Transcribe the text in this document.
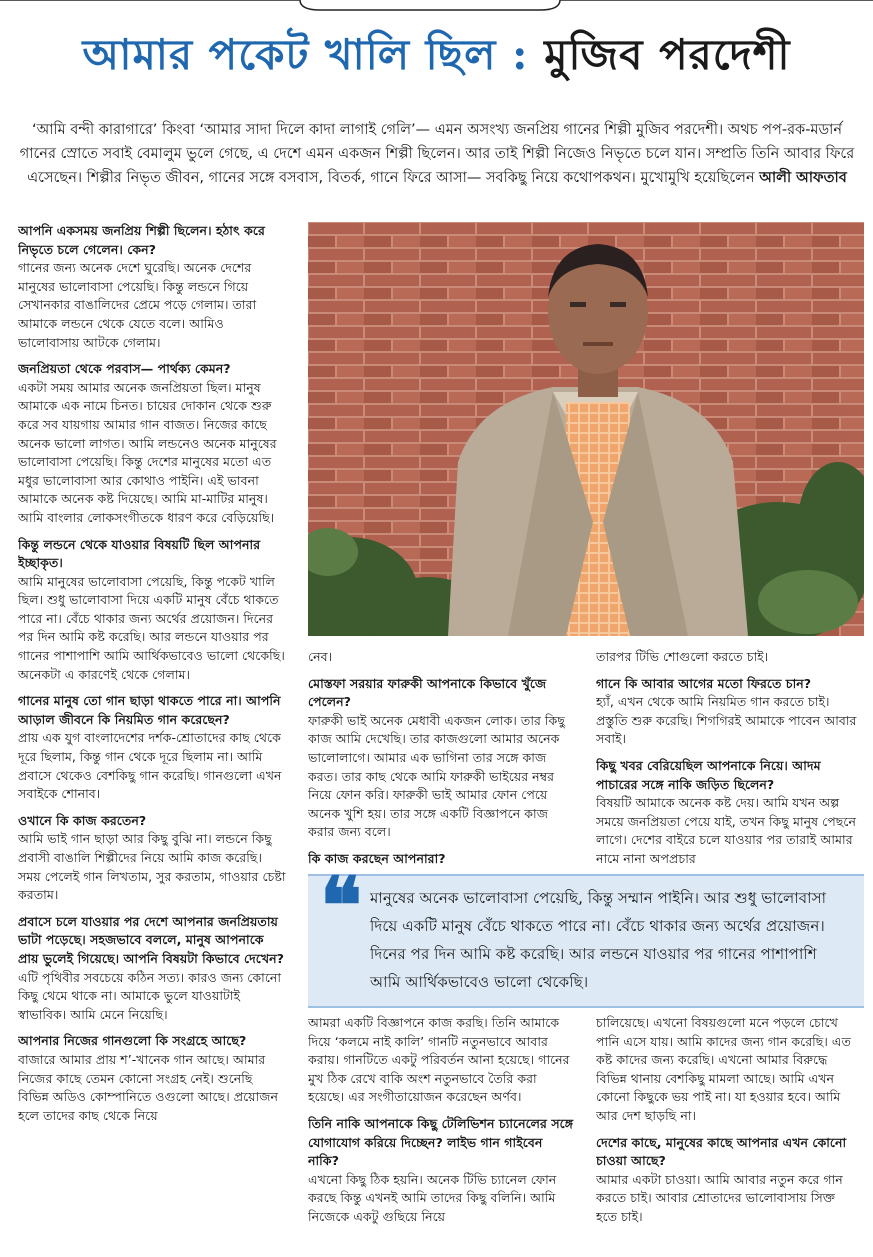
আমার পকেট খালি ছিল : মুজিব পরদেশী

‘আমি বন্দী কারাগারে’ কিংবা ‘আমার সাদা দিলে কাদা লাগাই গেলি’— এমন অসংখ্য জনপ্রিয় গানের শিল্পী মুজিব পরদেশী। অথচ পপ-রক-মডার্ন গানের স্রোতে সবাই বেমালুম ভুলে গেছে, এ দেশে এমন একজন শিল্পী ছিলেন। আর তাই শিল্পী নিজেও নিভৃতে চলে যান। সম্প্রতি তিনি আবার ফিরে এসেছেন। শিল্পীর নিভৃত জীবন, গানের সঙ্গে বসবাস, বিতর্ক, গানে ফিরে আসা— সবকিছু নিয়ে কথোপকথন। মুখোমুখি হয়েছিলেন আলী আফতাব

আপনি একসময় জনপ্রিয় শিল্পী ছিলেন। হঠাৎ করে নিভৃতে চলে গেলেন। কেন?
গানের জন্য অনেক দেশে ঘুরেছি। অনেক দেশের মানুষের ভালোবাসা পেয়েছি। কিন্তু লন্ডনে গিয়ে সেখানকার বাঙালিদের প্রেমে পড়ে গেলাম। তারা আমাকে লন্ডনে থেকে যেতে বলে। আমিও ভালোবাসায় আটকে গেলাম।

জনপ্রিয়তা থেকে পরবাস— পার্থক্য কেমন?
একটা সময় আমার অনেক জনপ্রিয়তা ছিল। মানুষ আমাকে এক নামে চিনত। চায়ের দোকান থেকে শুরু করে সব যায়গায় আমার গান বাজত। নিজের কাছে অনেক ভালো লাগত। আমি লন্ডনেও অনেক মানুষের ভালোবাসা পেয়েছি। কিন্তু দেশের মানুষের মতো এত মধুর ভালোবাসা আর কোথাও পাইনি। এই ভাবনা আমাকে অনেক কষ্ট দিয়েছে। আমি মা-মাটির মানুষ। আমি বাংলার লোকসংগীতকে ধারণ করে বেড়িয়েছি।

কিন্তু লন্ডনে থেকে যাওয়ার বিষয়টি ছিল আপনার ইচ্ছাকৃত।
আমি মানুষের ভালোবাসা পেয়েছি, কিন্তু পকেট খালি ছিল। শুধু ভালোবাসা দিয়ে একটি মানুষ বেঁচে থাকতে পারে না। বেঁচে থাকার জন্য অর্থের প্রয়োজন। দিনের পর দিন আমি কষ্ট করেছি। আর লন্ডনে যাওয়ার পর গানের পাশাপাশি আমি আর্থিকভাবেও ভালো থেকেছি। অনেকটা এ কারণেই থেকে গেলাম।

গানের মানুষ তো গান ছাড়া থাকতে পারে না। আপনি আড়াল জীবনে কি নিয়মিত গান করেছেন?
প্রায় এক যুগ বাংলাদেশের দর্শক-শ্রোতাদের কাছ থেকে দূরে ছিলাম, কিন্তু গান থেকে দূরে ছিলাম না। আমি প্রবাসে থেকেও বেশকিছু গান করেছি। গানগুলো এখন সবাইকে শোনাব।

ওখানে কি কাজ করতেন?
আমি ভাই গান ছাড়া আর কিছু বুঝি না। লন্ডনে কিছু প্রবাসী বাঙালি শিল্পীদের নিয়ে আমি কাজ করেছি। সময় পেলেই গান লিখতাম, সুর করতাম, গাওয়ার চেষ্টা করতাম।

প্রবাসে চলে যাওয়ার পর দেশে আপনার জনপ্রিয়তায় ভাটা পড়েছে। সহজভাবে বললে, মানুষ আপনাকে প্রায় ভুলেই গিয়েছে। আপনি বিষয়টা কিভাবে দেখেন?
এটি পৃথিবীর সবচেয়ে কঠিন সত্য। কারও জন্য কোনো কিছু থেমে থাকে না। আমাকে ভুলে যাওয়াটাই স্বাভাবিক। আমি মেনে নিয়েছি।

আপনার নিজের গানগুলো কি সংগ্রহে আছে?
বাজারে আমার প্রায় শ’-খানেক গান আছে। আমার নিজের কাছে তেমন কোনো সংগ্রহ নেই। শুনেছি বিভিন্ন অডিও কোম্পানিতে ওগুলো আছে। প্রয়োজন হলে তাদের কাছ থেকে নিয়ে

নেব।

মোস্তফা সরয়ার ফারুকী আপনাকে কিভাবে খুঁজে পেলেন?
ফারুকী ভাই অনেক মেধাবী একজন লোক। তার কিছু কাজ আমি দেখেছি। তার কাজগুলো আমার অনেক ভালোলাগে। আমার এক ভাগিনা তার সঙ্গে কাজ করত। তার কাছ থেকে আমি ফারুকী ভাইয়ের নম্বর নিয়ে ফোন করি। ফারুকী ভাই আমার ফোন পেয়ে অনেক খুশি হয়। তার সঙ্গে একটি বিজ্ঞাপনে কাজ করার জন্য বলে।

কি কাজ করছেন আপনারা?

তারপর টিভি শোগুলো করতে চাই।

গানে কি আবার আগের মতো ফিরতে চান?
হ্যাঁ, এখন থেকে আমি নিয়মিত গান করতে চাই। প্রস্তুতি শুরু করেছি। শিগগিরই আমাকে পাবেন আবার সবাই।

কিছু খবর বেরিয়েছিল আপনাকে নিয়ে। আদম পাচারের সঙ্গে নাকি জড়িত ছিলেন?
বিষয়টি আমাকে অনেক কষ্ট দেয়। আমি যখন অল্প সময়ে জনপ্রিয়তা পেয়ে যাই, তখন কিছু মানুষ পেছনে লাগে। দেশের বাইরে চলে যাওয়ার পর তারাই আমার নামে নানা অপপ্রচার

❝ মানুষের অনেক ভালোবাসা পেয়েছি, কিন্তু সম্মান পাইনি। আর শুধু ভালোবাসা দিয়ে একটি মানুষ বেঁচে থাকতে পারে না। বেঁচে থাকার জন্য অর্থের প্রয়োজন। দিনের পর দিন আমি কষ্ট করেছি। আর লন্ডনে যাওয়ার পর গানের পাশাপাশি আমি আর্থিকভাবেও ভালো থেকেছি।

আমরা একটি বিজ্ঞাপনে কাজ করছি। তিনি আমাকে দিয়ে ‘কলমে নাই কালি’ গানটি নতুনভাবে আবার করায়। গানটিতে একটু পরিবর্তন আনা হয়েছে। গানের মুখ ঠিক রেখে বাকি অংশ নতুনভাবে তৈরি করা হয়েছে। এর সংগীতায়োজন করেছেন অর্ণব।

তিনি নাকি আপনাকে কিছু টেলিভিশন চ্যানেলের সঙ্গে যোগাযোগ করিয়ে দিচ্ছেন? লাইভ গান গাইবেন নাকি?
এখনো কিছু ঠিক হয়নি। অনেক টিভি চ্যানেল ফোন করছে কিন্তু এখনই আমি তাদের কিছু বলিনি। আমি নিজেকে একটু গুছিয়ে নিয়ে

চালিয়েছে। এখনো বিষয়গুলো মনে পড়লে চোখে পানি এসে যায়। আমি কাদের জন্য গান করেছি। এত কষ্ট কাদের জন্য করেছি। এখনো আমার বিরুদ্ধে বিভিন্ন থানায় বেশকিছু মামলা আছে। আমি এখন কোনো কিছুকে ভয় পাই না। যা হওয়ার হবে। আমি আর দেশ ছাড়ছি না।

দেশের কাছে, মানুষের কাছে আপনার এখন কোনো চাওয়া আছে?
আমার একটা চাওয়া। আমি আবার নতুন করে গান করতে চাই। আবার শ্রোতাদের ভালোবাসায় সিক্ত হতে চাই।
